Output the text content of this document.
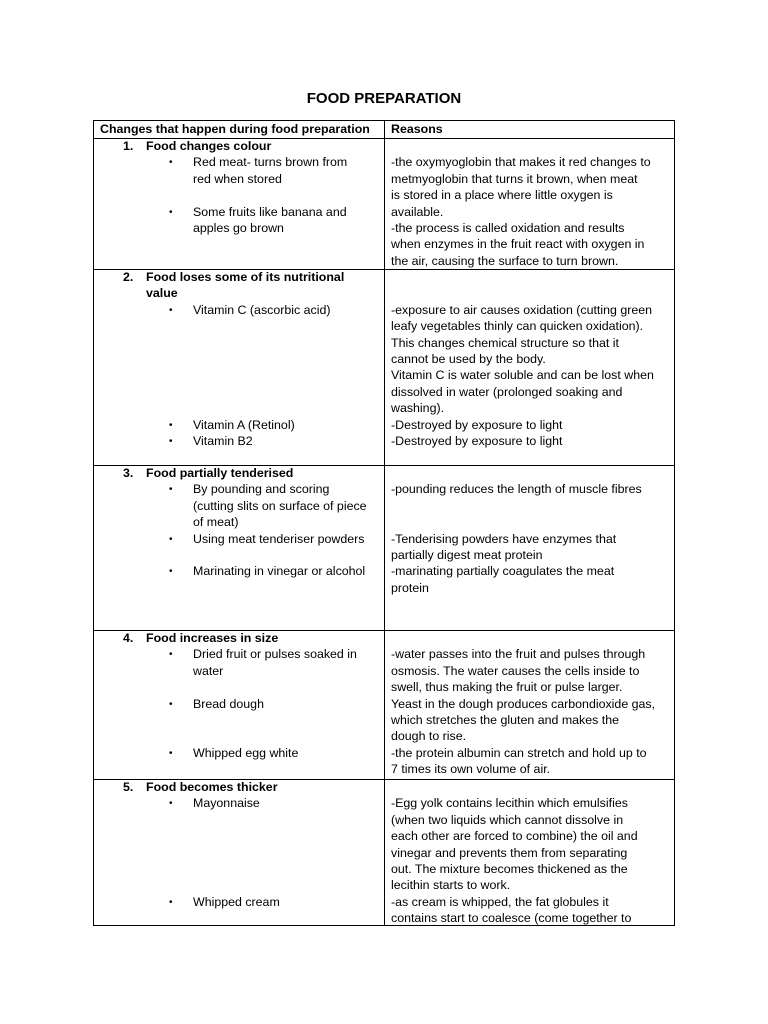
FOOD PREPARATION
Changes that happen during food preparation Reasons
1. Food changes colour
• Red meat- turns brown from
red when stored
• Some fruits like banana and
apples go brown
-the oxymyoglobin that makes it red changes to
metmyoglobin that turns it brown, when meat
is stored in a place where little oxygen is
available.
-the process is called oxidation and results
when enzymes in the fruit react with oxygen in
the air, causing the surface to turn brown.
2. Food loses some of its nutritional
value
• Vitamin C (ascorbic acid)
• Vitamin A (Retinol)
• Vitamin B2
-exposure to air causes oxidation (cutting green
leafy vegetables thinly can quicken oxidation).
This changes chemical structure so that it
cannot be used by the body.
Vitamin C is water soluble and can be lost when
dissolved in water (prolonged soaking and
washing).
-Destroyed by exposure to light
-Destroyed by exposure to light
3. Food partially tenderised
• By pounding and scoring
(cutting slits on surface of piece
of meat)
• Using meat tenderiser powders
• Marinating in vinegar or alcohol
-pounding reduces the length of muscle fibres
-Tenderising powders have enzymes that
partially digest meat protein
-marinating partially coagulates the meat
protein
4. Food increases in size
• Dried fruit or pulses soaked in
water
• Bread dough
• Whipped egg white
-water passes into the fruit and pulses through
osmosis. The water causes the cells inside to
swell, thus making the fruit or pulse larger.
Yeast in the dough produces carbondioxide gas,
which stretches the gluten and makes the
dough to rise.
-the protein albumin can stretch and hold up to
7 times its own volume of air.
5. Food becomes thicker
• Mayonnaise
• Whipped cream
-Egg yolk contains lecithin which emulsifies
(when two liquids which cannot dissolve in
each other are forced to combine) the oil and
vinegar and prevents them from separating
out. The mixture becomes thickened as the
lecithin starts to work.
-as cream is whipped, the fat globules it
contains start to coalesce (come together to
